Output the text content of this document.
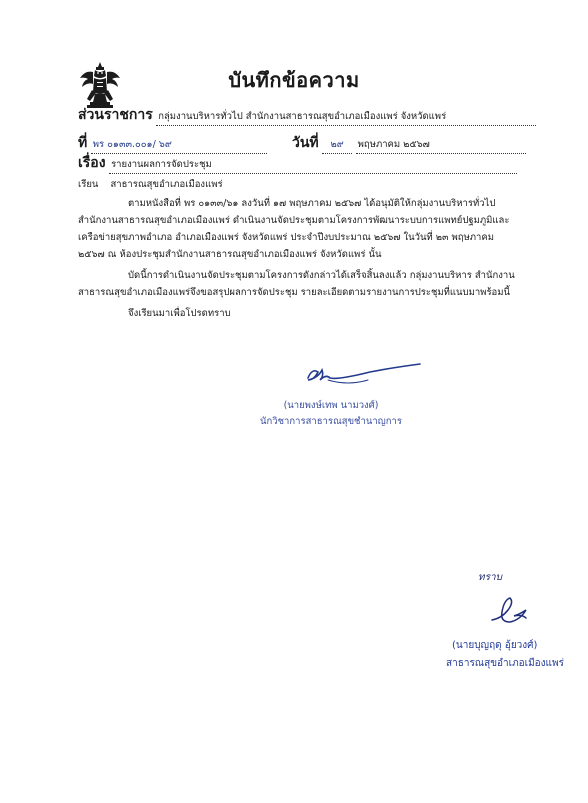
บันทึกข้อความ
ส่วนราชการ กลุ่มงานบริหารทั่วไป สำนักงานสาธารณสุขอำเภอเมืองแพร่ จังหวัดแพร่
ที่ พร ๐๑๓๓.๐๐๑/ ๖๙	วันที่ ๒๙ พฤษภาคม ๒๕๖๗
เรื่อง รายงานผลการจัดประชุม
เรียน สาธารณสุขอำเภอเมืองแพร่
ตามหนังสือที่ พร ๐๑๓๓/๖๑ ลงวันที่ ๑๗ พฤษภาคม ๒๕๖๗ ได้อนุมัติให้กลุ่มงานบริหารทั่วไป
สำนักงานสาธารณสุขอำเภอเมืองแพร่ ดำเนินงานจัดประชุมตามโครงการพัฒนาระบบการแพทย์ปฐมภูมิและ
เครือข่ายสุขภาพอำเภอ อำเภอเมืองแพร่ จังหวัดแพร่ ประจำปีงบประมาณ ๒๕๖๗ ในวันที่ ๒๓ พฤษภาคม
๒๕๖๗ ณ ห้องประชุมสำนักงานสาธารณสุขอำเภอเมืองแพร่ จังหวัดแพร่ นั้น
บัดนี้การดำเนินงานจัดประชุมตามโครงการดังกล่าวได้เสร็จสิ้นลงแล้ว กลุ่มงานบริหาร สำนักงาน
สาธารณสุขอำเภอเมืองแพร่จึงขอสรุปผลการจัดประชุม รายละเอียดตามรายงานการประชุมที่แนบมาพร้อมนี้
จึงเรียนมาเพื่อโปรดทราบ
(นายพงษ์เทพ นามวงศ์)
นักวิชาการสาธารณสุขชำนาญการ
ทราบ
(นายบุญฤดุ อุ้ยวงศ์)
สาธารณสุขอำเภอเมืองแพร่
